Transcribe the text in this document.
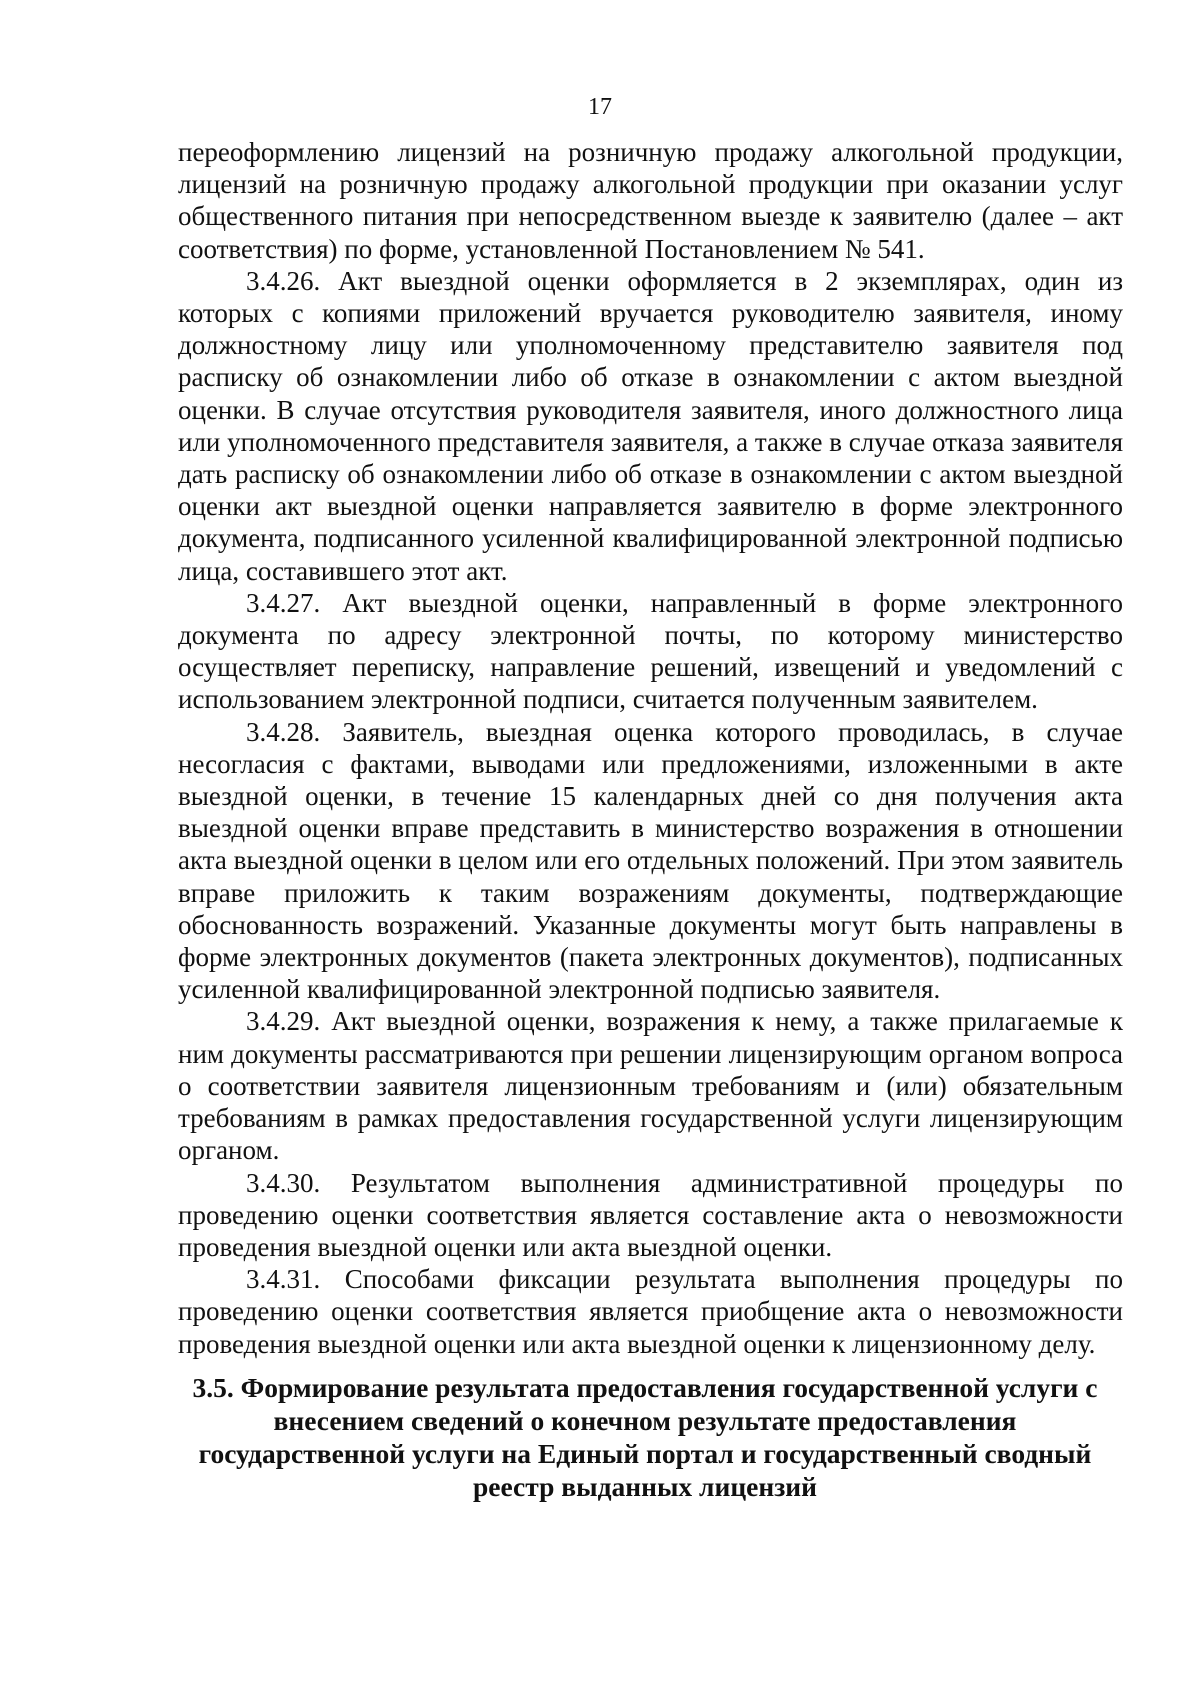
17

переоформлению лицензий на розничную продажу алкогольной продукции, лицензий на розничную продажу алкогольной продукции при оказании услуг общественного питания при непосредственном выезде к заявителю (далее – акт соответствия) по форме, установленной Постановлением № 541.

3.4.26. Акт выездной оценки оформляется в 2 экземплярах, один из которых с копиями приложений вручается руководителю заявителя, иному должностному лицу или уполномоченному представителю заявителя под расписку об ознакомлении либо об отказе в ознакомлении с актом выездной оценки. В случае отсутствия руководителя заявителя, иного должностного лица или уполномоченного представителя заявителя, а также в случае отказа заявителя дать расписку об ознакомлении либо об отказе в ознакомлении с актом выездной оценки акт выездной оценки направляется заявителю в форме электронного документа, подписанного усиленной квалифицированной электронной подписью лица, составившего этот акт.

3.4.27. Акт выездной оценки, направленный в форме электронного документа по адресу электронной почты, по которому министерство осуществляет переписку, направление решений, извещений и уведомлений с использованием электронной подписи, считается полученным заявителем.

3.4.28. Заявитель, выездная оценка которого проводилась, в случае несогласия с фактами, выводами или предложениями, изложенными в акте выездной оценки, в течение 15 календарных дней со дня получения акта выездной оценки вправе представить в министерство возражения в отношении акта выездной оценки в целом или его отдельных положений. При этом заявитель вправе приложить к таким возражениям документы, подтверждающие обоснованность возражений. Указанные документы могут быть направлены в форме электронных документов (пакета электронных документов), подписанных усиленной квалифицированной электронной подписью заявителя.

3.4.29. Акт выездной оценки, возражения к нему, а также прилагаемые к ним документы рассматриваются при решении лицензирующим органом вопроса о соответствии заявителя лицензионным требованиям и (или) обязательным требованиям в рамках предоставления государственной услуги лицензирующим органом.

3.4.30. Результатом выполнения административной процедуры по проведению оценки соответствия является составление акта о невозможности проведения выездной оценки или акта выездной оценки.

3.4.31. Способами фиксации результата выполнения процедуры по проведению оценки соответствия является приобщение акта о невозможности проведения выездной оценки или акта выездной оценки к лицензионному делу.

3.5. Формирование результата предоставления государственной услуги с

внесением сведений о конечном результате предоставления

государственной услуги на Единый портал и государственный сводный

реестр выданных лицензий
